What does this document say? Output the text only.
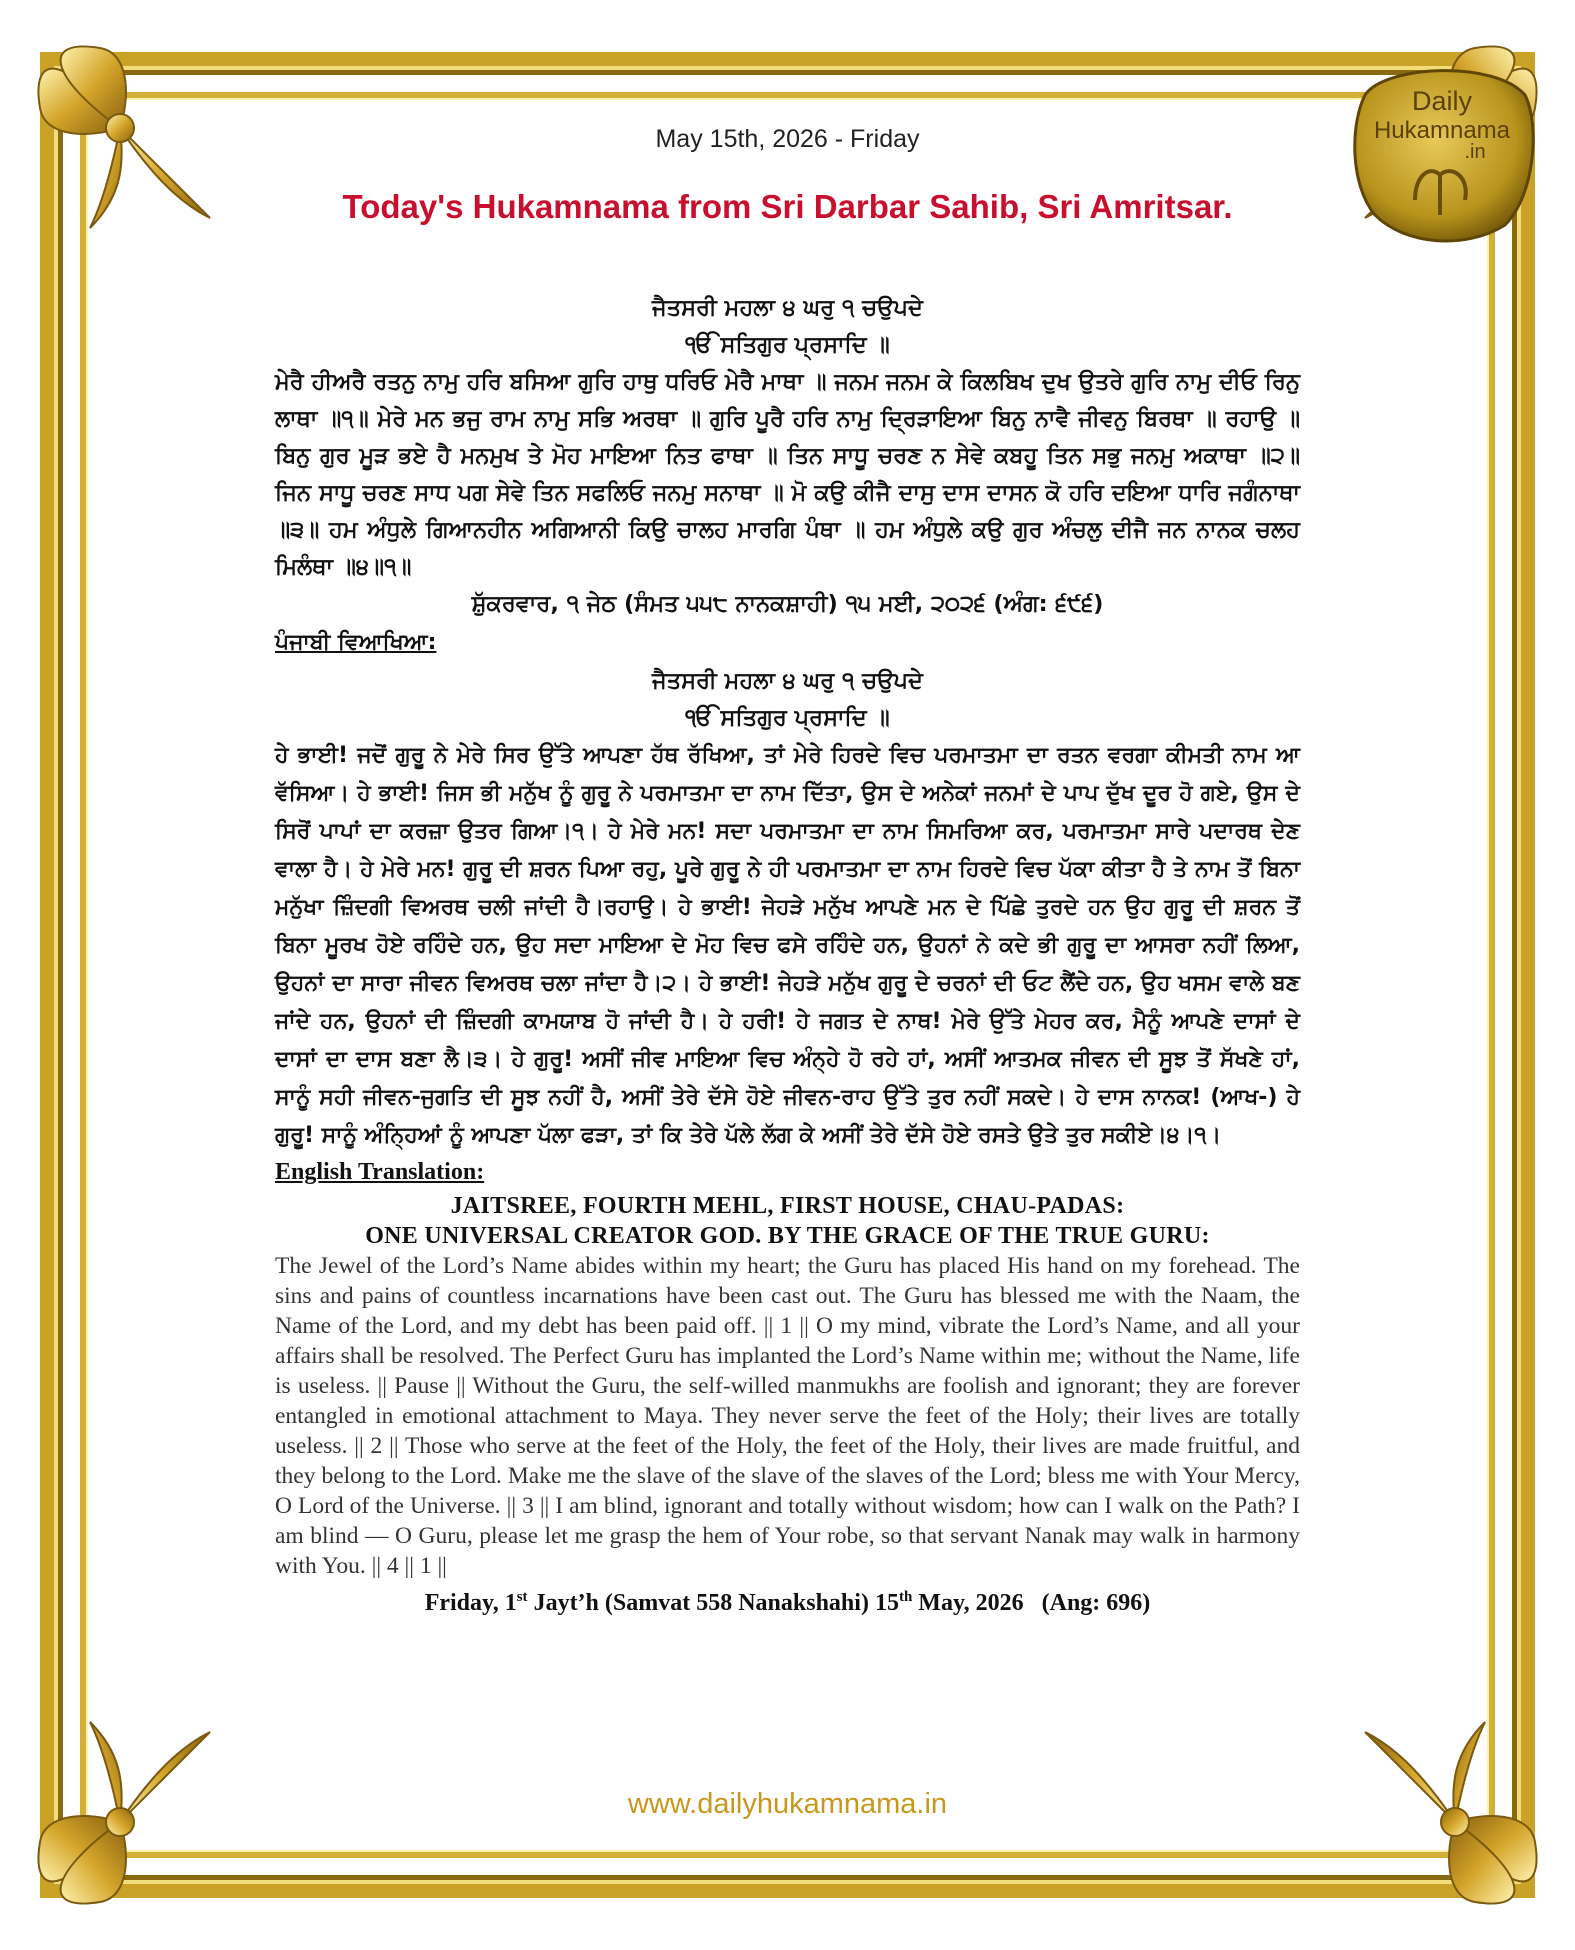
Daily
Hukamnama
.in
May 15th, 2026 - Friday
Today's Hukamnama from Sri Darbar Sahib, Sri Amritsar.

ਜੈਤਸਰੀ ਮਹਲਾ ੪ ਘਰੁ ੧ ਚਉਪਦੇ

ੴ ਸਤਿਗੁਰ ਪ੍ਰਸਾਦਿ ॥

ਮੇਰੈ ਹੀਅਰੈ ਰਤਨੁ ਨਾਮੁ ਹਰਿ ਬਸਿਆ ਗੁਰਿ ਹਾਥੁ ਧਰਿਓ ਮੇਰੈ ਮਾਥਾ ॥ ਜਨਮ ਜਨਮ ਕੇ ਕਿਲਬਿਖ ਦੁਖ ਉਤਰੇ ਗੁਰਿ ਨਾਮੁ ਦੀਓ ਰਿਨੁ ਲਾਥਾ ॥੧॥ ਮੇਰੇ ਮਨ ਭਜੁ ਰਾਮ ਨਾਮੁ ਸਭਿ ਅਰਥਾ ॥ ਗੁਰਿ ਪੂਰੈ ਹਰਿ ਨਾਮੁ ਦ੍ਰਿੜਾਇਆ ਬਿਨੁ ਨਾਵੈ ਜੀਵਨੁ ਬਿਰਥਾ ॥ ਰਹਾਉ ॥ ਬਿਨੁ ਗੁਰ ਮੂੜ ਭਏ ਹੈ ਮਨਮੁਖ ਤੇ ਮੋਹ ਮਾਇਆ ਨਿਤ ਫਾਥਾ ॥ ਤਿਨ ਸਾਧੂ ਚਰਣ ਨ ਸੇਵੇ ਕਬਹੂ ਤਿਨ ਸਭੁ ਜਨਮੁ ਅਕਾਥਾ ॥੨॥ ਜਿਨ ਸਾਧੂ ਚਰਣ ਸਾਧ ਪਗ ਸੇਵੇ ਤਿਨ ਸਫਲਿਓ ਜਨਮੁ ਸਨਾਥਾ ॥ ਮੋ ਕਉ ਕੀਜੈ ਦਾਸੁ ਦਾਸ ਦਾਸਨ ਕੋ ਹਰਿ ਦਇਆ ਧਾਰਿ ਜਗੰਨਾਥਾ ॥੩॥ ਹਮ ਅੰਧੁਲੇ ਗਿਆਨਹੀਨ ਅਗਿਆਨੀ ਕਿਉ ਚਾਲਹ ਮਾਰਗਿ ਪੰਥਾ ॥ ਹਮ ਅੰਧੁਲੇ ਕਉ ਗੁਰ ਅੰਚਲੁ ਦੀਜੈ ਜਨ ਨਾਨਕ ਚਲਹ ਮਿਲੰਥਾ ॥੪॥੧॥

ਸ਼ੁੱਕਰਵਾਰ, ੧ ਜੇਠ (ਸੰਮਤ ੫੫੮ ਨਾਨਕਸ਼ਾਹੀ) ੧੫ ਮਈ, ੨੦੨੬ (ਅੰਗ: ੬੯੬)

ਪੰਜਾਬੀ ਵਿਆਖਿਆ:

ਜੈਤਸਰੀ ਮਹਲਾ ੪ ਘਰੁ ੧ ਚਉਪਦੇ

ੴ ਸਤਿਗੁਰ ਪ੍ਰਸਾਦਿ ॥

ਹੇ ਭਾਈ! ਜਦੋਂ ਗੁਰੂ ਨੇ ਮੇਰੇ ਸਿਰ ਉੱਤੇ ਆਪਣਾ ਹੱਥ ਰੱਖਿਆ, ਤਾਂ ਮੇਰੇ ਹਿਰਦੇ ਵਿਚ ਪਰਮਾਤਮਾ ਦਾ ਰਤਨ ਵਰਗਾ ਕੀਮਤੀ ਨਾਮ ਆ ਵੱਸਿਆ। ਹੇ ਭਾਈ! ਜਿਸ ਭੀ ਮਨੁੱਖ ਨੂੰ ਗੁਰੂ ਨੇ ਪਰਮਾਤਮਾ ਦਾ ਨਾਮ ਦਿੱਤਾ, ਉਸ ਦੇ ਅਨੇਕਾਂ ਜਨਮਾਂ ਦੇ ਪਾਪ ਦੁੱਖ ਦੂਰ ਹੋ ਗਏ, ਉਸ ਦੇ ਸਿਰੋਂ ਪਾਪਾਂ ਦਾ ਕਰਜ਼ਾ ਉਤਰ ਗਿਆ।੧। ਹੇ ਮੇਰੇ ਮਨ! ਸਦਾ ਪਰਮਾਤਮਾ ਦਾ ਨਾਮ ਸਿਮਰਿਆ ਕਰ, ਪਰਮਾਤਮਾ ਸਾਰੇ ਪਦਾਰਥ ਦੇਣ ਵਾਲਾ ਹੈ। ਹੇ ਮੇਰੇ ਮਨ! ਗੁਰੂ ਦੀ ਸ਼ਰਨ ਪਿਆ ਰਹੁ, ਪੂਰੇ ਗੁਰੂ ਨੇ ਹੀ ਪਰਮਾਤਮਾ ਦਾ ਨਾਮ ਹਿਰਦੇ ਵਿਚ ਪੱਕਾ ਕੀਤਾ ਹੈ ਤੇ ਨਾਮ ਤੋਂ ਬਿਨਾ ਮਨੁੱਖਾ ਜ਼ਿੰਦਗੀ ਵਿਅਰਥ ਚਲੀ ਜਾਂਦੀ ਹੈ।ਰਹਾਉ। ਹੇ ਭਾਈ! ਜੇਹੜੇ ਮਨੁੱਖ ਆਪਣੇ ਮਨ ਦੇ ਪਿੱਛੇ ਤੁਰਦੇ ਹਨ ਉਹ ਗੁਰੂ ਦੀ ਸ਼ਰਨ ਤੋਂ ਬਿਨਾ ਮੂਰਖ ਹੋਏ ਰਹਿੰਦੇ ਹਨ, ਉਹ ਸਦਾ ਮਾਇਆ ਦੇ ਮੋਹ ਵਿਚ ਫਸੇ ਰਹਿੰਦੇ ਹਨ, ਉਹਨਾਂ ਨੇ ਕਦੇ ਭੀ ਗੁਰੂ ਦਾ ਆਸਰਾ ਨਹੀਂ ਲਿਆ, ਉਹਨਾਂ ਦਾ ਸਾਰਾ ਜੀਵਨ ਵਿਅਰਥ ਚਲਾ ਜਾਂਦਾ ਹੈ।੨। ਹੇ ਭਾਈ! ਜੇਹੜੇ ਮਨੁੱਖ ਗੁਰੂ ਦੇ ਚਰਨਾਂ ਦੀ ਓਟ ਲੈਂਦੇ ਹਨ, ਉਹ ਖਸਮ ਵਾਲੇ ਬਣ ਜਾਂਦੇ ਹਨ, ਉਹਨਾਂ ਦੀ ਜ਼ਿੰਦਗੀ ਕਾਮਯਾਬ ਹੋ ਜਾਂਦੀ ਹੈ। ਹੇ ਹਰੀ! ਹੇ ਜਗਤ ਦੇ ਨਾਥ! ਮੇਰੇ ਉੱਤੇ ਮੇਹਰ ਕਰ, ਮੈਨੂੰ ਆਪਣੇ ਦਾਸਾਂ ਦੇ ਦਾਸਾਂ ਦਾ ਦਾਸ ਬਣਾ ਲੈ।੩। ਹੇ ਗੁਰੂ! ਅਸੀਂ ਜੀਵ ਮਾਇਆ ਵਿਚ ਅੰਨ੍ਹੇ ਹੋ ਰਹੇ ਹਾਂ, ਅਸੀਂ ਆਤਮਕ ਜੀਵਨ ਦੀ ਸੂਝ ਤੋਂ ਸੱਖਣੇ ਹਾਂ, ਸਾਨੂੰ ਸਹੀ ਜੀਵਨ-ਜੁਗਤਿ ਦੀ ਸੂਝ ਨਹੀਂ ਹੈ, ਅਸੀਂ ਤੇਰੇ ਦੱਸੇ ਹੋਏ ਜੀਵਨ-ਰਾਹ ਉੱਤੇ ਤੁਰ ਨਹੀਂ ਸਕਦੇ। ਹੇ ਦਾਸ ਨਾਨਕ! (ਆਖ-) ਹੇ ਗੁਰੂ! ਸਾਨੂੰ ਅੰਨ੍ਹਿਆਂ ਨੂੰ ਆਪਣਾ ਪੱਲਾ ਫੜਾ, ਤਾਂ ਕਿ ਤੇਰੇ ਪੱਲੇ ਲੱਗ ਕੇ ਅਸੀਂ ਤੇਰੇ ਦੱਸੇ ਹੋਏ ਰਸਤੇ ਉਤੇ ਤੁਰ ਸਕੀਏ।੪।੧।

English Translation:

JAITSREE, FOURTH MEHL, FIRST HOUSE, CHAU-PADAS:

ONE UNIVERSAL CREATOR GOD. BY THE GRACE OF THE TRUE GURU:

The Jewel of the Lord’s Name abides within my heart; the Guru has placed His hand on my forehead. The sins and pains of countless incarnations have been cast out. The Guru has blessed me with the Naam, the Name of the Lord, and my debt has been paid off. || 1 || O my mind, vibrate the Lord’s Name, and all your affairs shall be resolved. The Perfect Guru has implanted the Lord’s Name within me; without the Name, life is useless. || Pause || Without the Guru, the self-willed manmukhs are foolish and ignorant; they are forever entangled in emotional attachment to Maya. They never serve the feet of the Holy; their lives are totally useless. || 2 || Those who serve at the feet of the Holy, the feet of the Holy, their lives are made fruitful, and they belong to the Lord. Make me the slave of the slave of the slaves of the Lord; bless me with Your Mercy, O Lord of the Universe. || 3 || I am blind, ignorant and totally without wisdom; how can I walk on the Path? I am blind — O Guru, please let me grasp the hem of Your robe, so that servant Nanak may walk in harmony with You. || 4 || 1 ||

Friday, 1st Jayt’h (Samvat 558 Nanakshahi) 15th May, 2026   (Ang: 696)

www.dailyhukamnama.in
